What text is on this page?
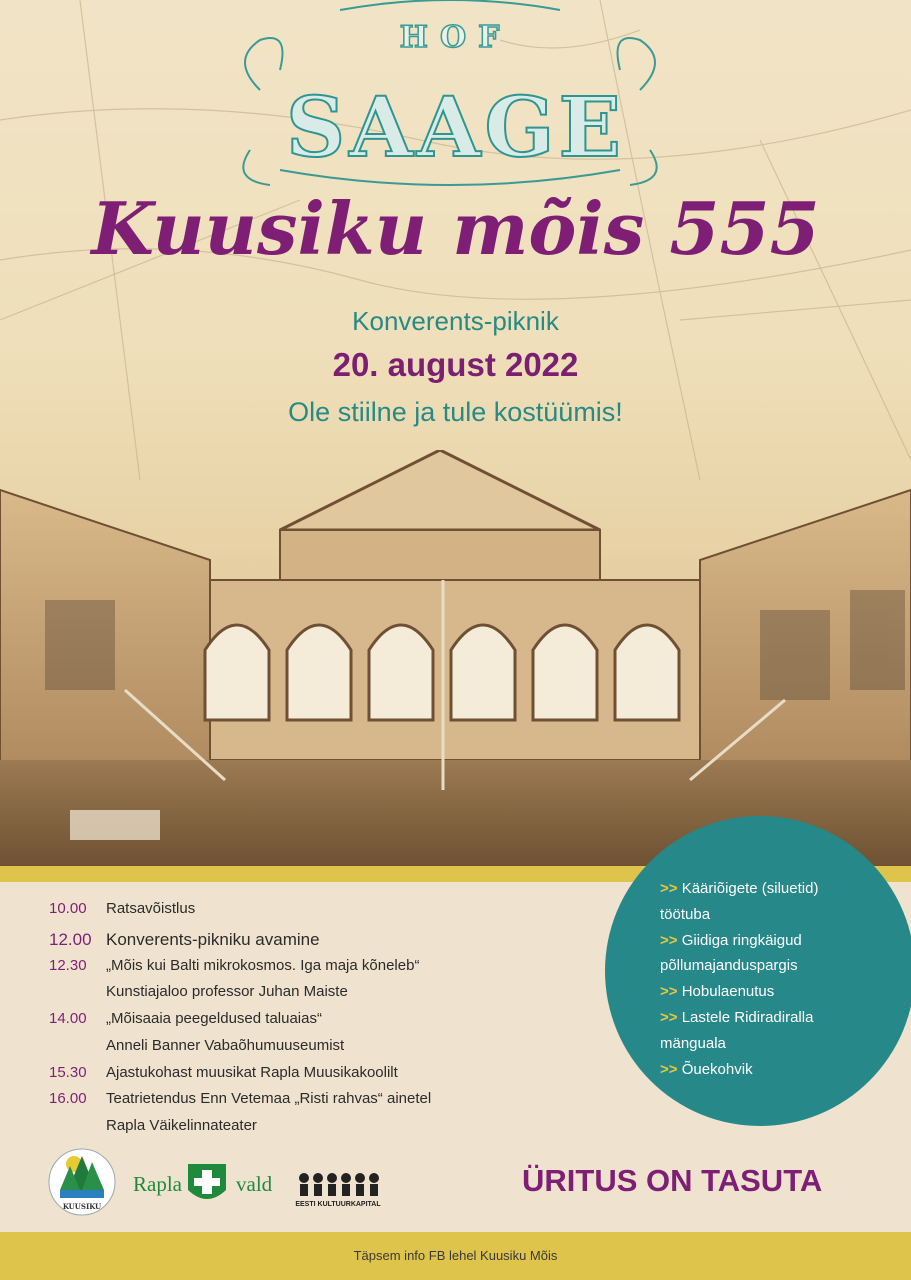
HOF
SAAGE
Kuusiku mõis 555
Konverents-piknik
20. august 2022
Ole stiilne ja tule kostüümis!
10.00	Ratsavõistlus
12.00 Konverents-pikniku avamine
12.30	„Mõis kui Balti mikrokosmos. Iga maja kõneleb“
Kunstiajaloo professor Juhan Maiste
14.00	„Mõisaaia peegeldused taluaias“
Anneli Banner Vabaõhumuuseumist
15.30	Ajastukohast muusikat Rapla Muusikakoolilt
16.00	Teatrietendus Enn Vetemaa „Risti rahvas“ ainetel
Rapla Väikelinnateater
>> Kääriõigete (siluetid) töötuba
>> Giidiga ringkäigud põllumajanduspargis
>> Hobulaenutus
>> Lastele Ridiradiralla mänguala
>> Õuekohvik
KUUSIKU
Rapla	vald
EESTI KULTUURKAPITAL
ÜRITUS ON TASUTA
Täpsem info FB lehel Kuusiku Mõis
